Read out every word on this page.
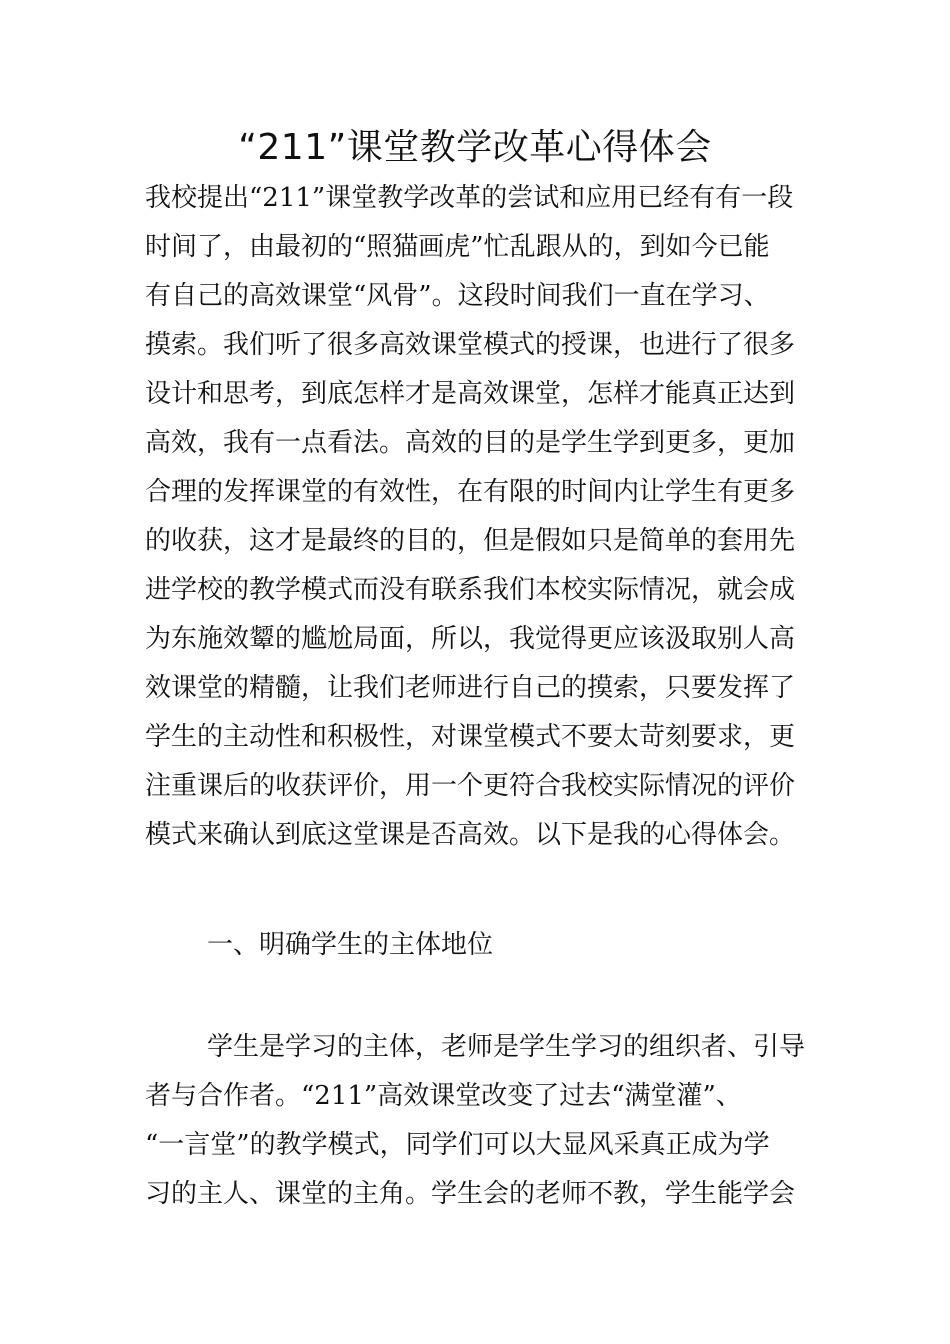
“211”课堂教学改革心得体会
我校提出“211”课堂教学改革的尝试和应用已经有有一段
时间了，由最初的“照猫画虎”忙乱跟从的，到如今已能
有自己的高效课堂“风骨”。这段时间我们一直在学习、
摸索。我们听了很多高效课堂模式的授课，也进行了很多
设计和思考，到底怎样才是高效课堂，怎样才能真正达到
高效，我有一点看法。高效的目的是学生学到更多，更加
合理的发挥课堂的有效性，在有限的时间内让学生有更多
的收获，这才是最终的目的，但是假如只是简单的套用先
进学校的教学模式而没有联系我们本校实际情况，就会成
为东施效颦的尴尬局面，所以，我觉得更应该汲取别人高
效课堂的精髓，让我们老师进行自己的摸索，只要发挥了
学生的主动性和积极性，对课堂模式不要太苛刻要求，更
注重课后的收获评价，用一个更符合我校实际情况的评价
模式来确认到底这堂课是否高效。以下是我的心得体会。
一、明确学生的主体地位
学生是学习的主体，老师是学生学习的组织者、引导
者与合作者。“211”高效课堂改变了过去“满堂灌”、
“一言堂”的教学模式，同学们可以大显风采真正成为学
习的主人、课堂的主角。学生会的老师不教，学生能学会
